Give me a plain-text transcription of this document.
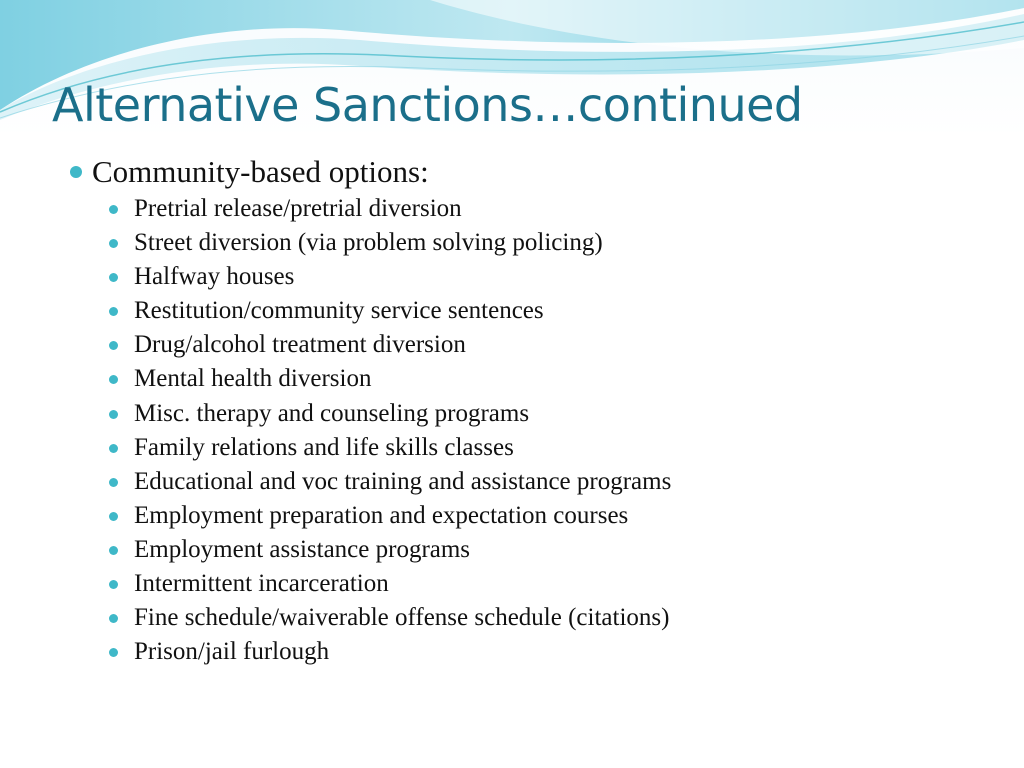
Alternative Sanctions…continued
Community-based options:
Pretrial release/pretrial diversion
Street diversion (via problem solving policing)
Halfway houses
Restitution/community service sentences
Drug/alcohol treatment diversion
Mental health diversion
Misc. therapy and counseling programs
Family relations and life skills classes
Educational and voc training and assistance programs
Employment preparation and expectation courses
Employment assistance programs
Intermittent incarceration
Fine schedule/waiverable offense schedule (citations)
Prison/jail furlough
